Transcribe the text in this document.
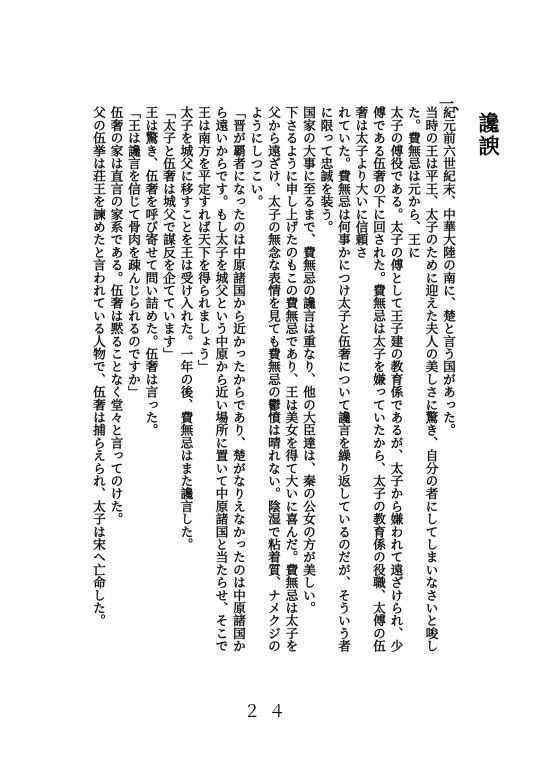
讒諛
一、

紀元前六世紀末、中華大陸の南に、楚と言う国があった。

当時の王は平王、太子のために迎えた夫人の美しさに驚き、自分の者にしてしまいなさいと唆した。費無忌は元から、王に

太子の傅役である。太子の傅として王子建の教育係であるが、太子から嫌われて遠ざけられ、少傅である伍奢の下に回された。費無忌は太子を嫌っていたから、太子の教育係の役職、太傅の伍奢は太子より大いに信頼さ

れていた。費無忌は何事かにつけ太子と伍奢について讒言を繰り返しているのだが、そういう者に限って忠誠を装う。

国家の大事に至るまで、費無忌の讒言は重なり、他の大臣達は、秦の公女の方が美しい。

下さるように申し上げたのもこの費無忌であり、王は美女を得て大いに喜んだ。費無忌は太子を父から遠ざけ、太子の無念な表情を見ても費無忌の鬱憤は晴れない。陰湿で粘着質、ナメクジのようにしつこい。

「晋が覇者になったのは中原諸国から近かったからであり、楚がなりえなかったのは中原諸国から遠いからです。もし太子を城父という中原から近い場所に置いて中原諸国と当たらせ、そこで王は南方を平定すれば天下を得られましょう」

太子を城父に移すことを王は受け入れた。一年の後、費無忌はまた讒言した。

「太子と伍奢は城父で謀反を企てています」

王は驚き、伍奢を呼び寄せて問い詰めた。伍奢は言った。

「王は讒言を信じて骨肉を疎んじられるのですか」

伍奢の家は直言の家系である。伍奢は黙ることなく堂々と言ってのけた。

父の伍挙は荘王を諫めたと言われている人物で、伍奢は捕らえられ、太子は宋へ亡命した。

２４
